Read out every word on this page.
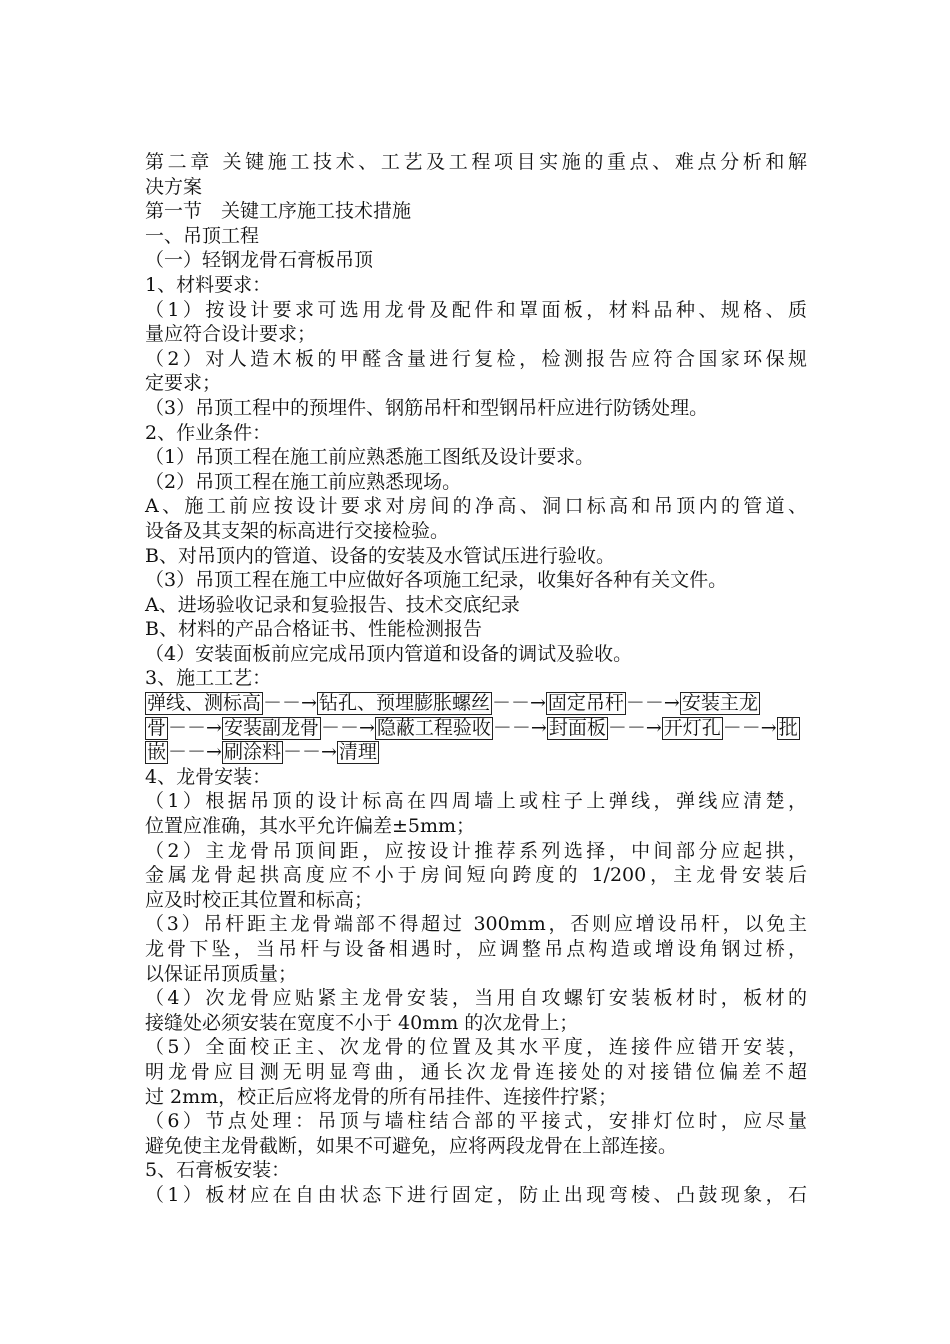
第二章 关键施工技术、工艺及工程项目实施的重点、难点分析和解
决方案
第一节　关键工序施工技术措施
一、吊顶工程
（一）轻钢龙骨石膏板吊顶
1、材料要求：
（1）按设计要求可选用龙骨及配件和罩面板，材料品种、规格、质
量应符合设计要求；
（2）对人造木板的甲醛含量进行复检，检测报告应符合国家环保规
定要求；
（3）吊顶工程中的预埋件、钢筋吊杆和型钢吊杆应进行防锈处理。
2、作业条件：
（1）吊顶工程在施工前应熟悉施工图纸及设计要求。
（2）吊顶工程在施工前应熟悉现场。
A、施工前应按设计要求对房间的净高、洞口标高和吊顶内的管道、
设备及其支架的标高进行交接检验。
B、对吊顶内的管道、设备的安装及水管试压进行验收。
（3）吊顶工程在施工中应做好各项施工纪录，收集好各种有关文件。
A、进场验收记录和复验报告、技术交底纪录
B、材料的产品合格证书、性能检测报告
（4）安装面板前应完成吊顶内管道和设备的调试及验收。
3、施工工艺：
弹线、测标高 －－→ 钻孔、预埋膨胀螺丝 －－→ 固定吊杆 －－→ 安装主龙
骨 －－→ 安装副龙骨 －－→ 隐蔽工程验收 －－→ 封面板 －－→ 开灯孔 －－→ 批
嵌 －－→ 刷涂料 －－→ 清理
4、龙骨安装：
（1）根据吊顶的设计标高在四周墙上或柱子上弹线，弹线应清楚，
位置应准确，其水平允许偏差±5mm；
（2）主龙骨吊顶间距，应按设计推荐系列选择，中间部分应起拱，
金属龙骨起拱高度应不小于房间短向跨度的 1/200，主龙骨安装后
应及时校正其位置和标高；
（3）吊杆距主龙骨端部不得超过 300mm，否则应增设吊杆，以免主
龙骨下坠，当吊杆与设备相遇时，应调整吊点构造或增设角钢过桥，
以保证吊顶质量；
（4）次龙骨应贴紧主龙骨安装，当用自攻螺钉安装板材时，板材的
接缝处必须安装在宽度不小于 40mm 的次龙骨上；
（5）全面校正主、次龙骨的位置及其水平度，连接件应错开安装，
明龙骨应目测无明显弯曲，通长次龙骨连接处的对接错位偏差不超
过 2mm，校正后应将龙骨的所有吊挂件、连接件拧紧；
（6）节点处理：吊顶与墙柱结合部的平接式，安排灯位时，应尽量
避免使主龙骨截断，如果不可避免，应将两段龙骨在上部连接。
5、石膏板安装：
（1）板材应在自由状态下进行固定，防止出现弯棱、凸鼓现象，石
